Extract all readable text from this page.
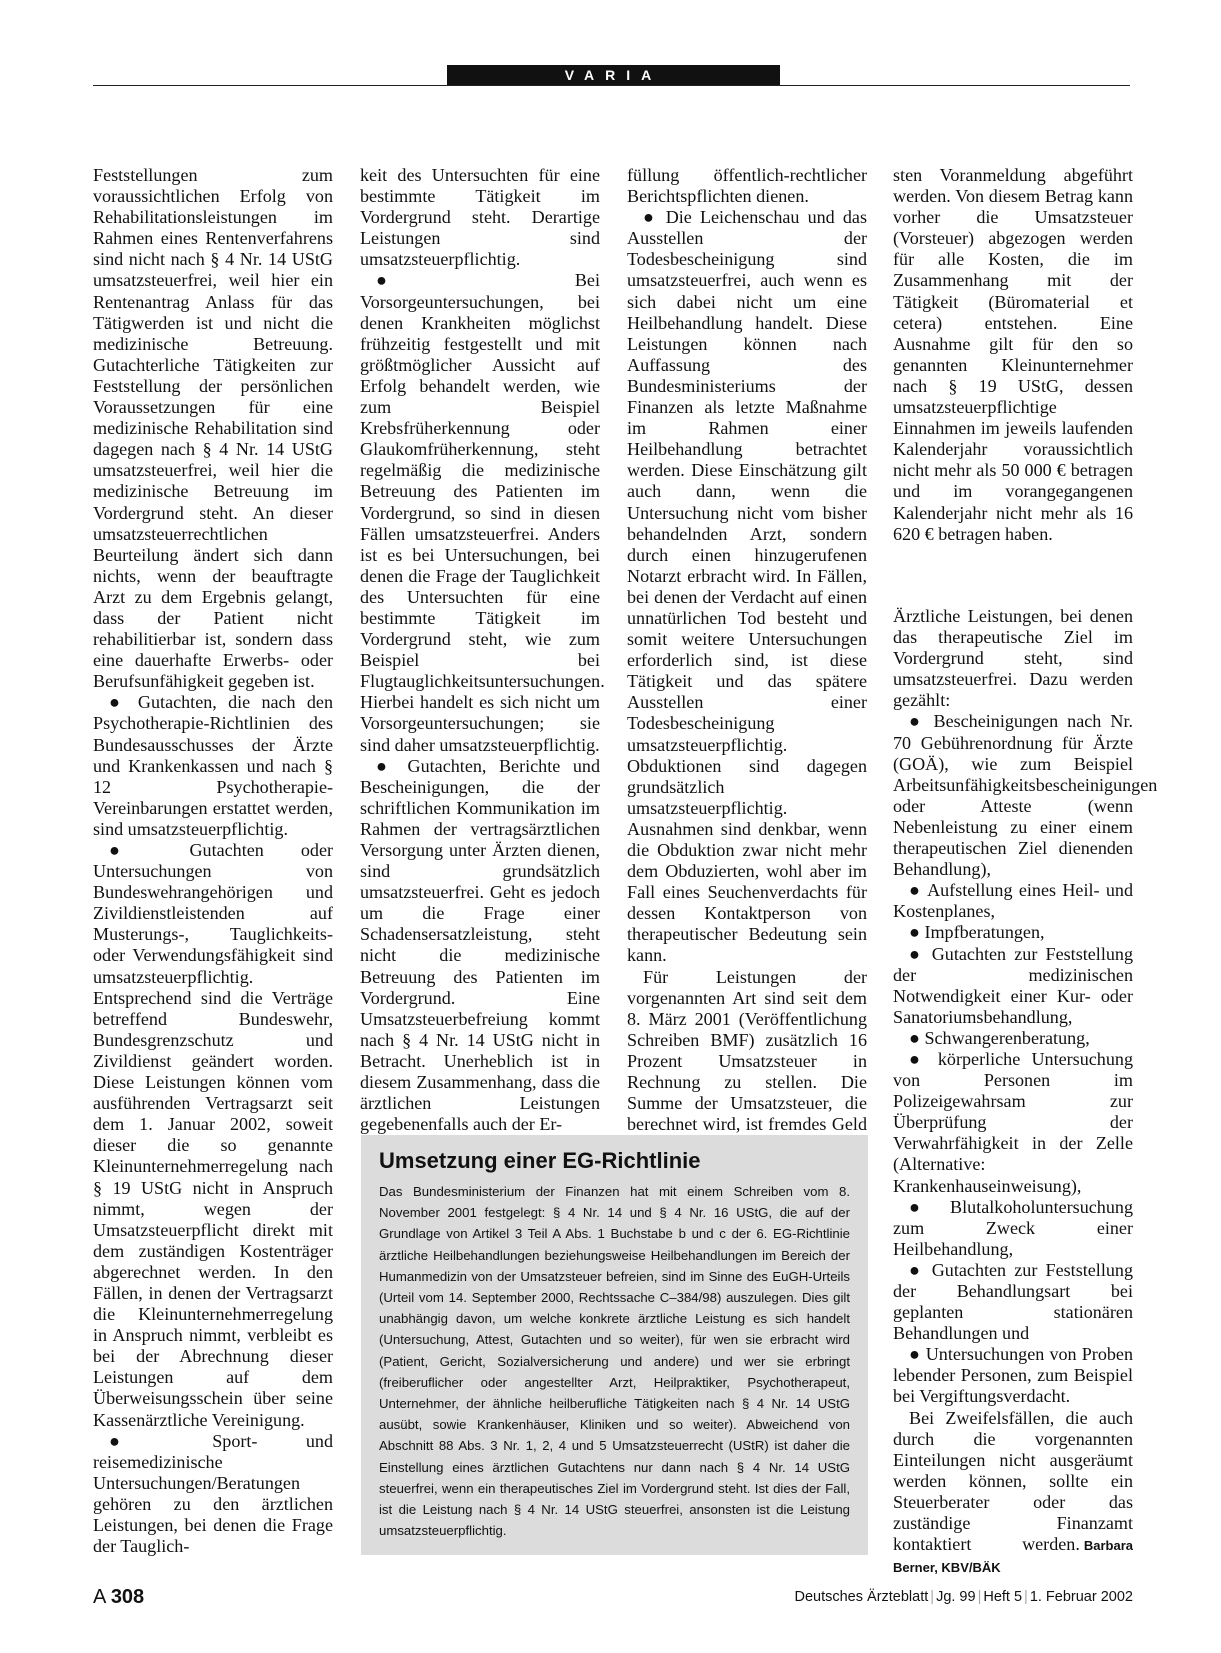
VARIA

Feststellungen zum voraussichtlichen Erfolg von Rehabilitationsleistungen im Rahmen eines Rentenverfahrens sind nicht nach § 4 Nr. 14 UStG umsatzsteuerfrei, weil hier ein Rentenantrag Anlass für das Tätigwerden ist und nicht die medizinische Betreuung. Gutachterliche Tätigkeiten zur Feststellung der persönlichen Voraussetzungen für eine medizinische Rehabilitation sind dagegen nach § 4 Nr. 14 UStG umsatzsteuerfrei, weil hier die medizinische Betreuung im Vordergrund steht. An dieser umsatzsteuerrechtlichen Beurteilung ändert sich dann nichts, wenn der beauftragte Arzt zu dem Ergebnis gelangt, dass der Patient nicht rehabilitierbar ist, sondern dass eine dauerhafte Erwerbs- oder Berufsunfähigkeit gegeben ist.

● Gutachten, die nach den Psychotherapie-Richtlinien des Bundesausschusses der Ärzte und Krankenkassen und nach § 12 Psychotherapie-Vereinbarungen erstattet werden, sind umsatzsteuerpflichtig.

● Gutachten oder Untersuchungen von Bundeswehrangehörigen und Zivildienstleistenden auf Musterungs-, Tauglichkeits- oder Verwendungsfähigkeit sind umsatzsteuerpflichtig. Entsprechend sind die Verträge betreffend Bundeswehr, Bundesgrenzschutz und Zivildienst geändert worden. Diese Leistungen können vom ausführenden Vertragsarzt seit dem 1. Januar 2002, soweit dieser die so genannte Kleinunternehmerregelung nach § 19 UStG nicht in Anspruch nimmt, wegen der Umsatzsteuerpflicht direkt mit dem zuständigen Kostenträger abgerechnet werden. In den Fällen, in denen der Vertragsarzt die Kleinunternehmerregelung in Anspruch nimmt, verbleibt es bei der Abrechnung dieser Leistungen auf dem Überweisungsschein über seine Kassenärztliche Vereinigung.

● Sport- und reisemedizinische Untersuchungen/Beratungen gehören zu den ärztlichen Leistungen, bei denen die Frage der Tauglich-

keit des Untersuchten für eine bestimmte Tätigkeit im Vordergrund steht. Derartige Leistungen sind umsatzsteuerpflichtig.

● Bei Vorsorgeuntersuchungen, bei denen Krankheiten möglichst frühzeitig festgestellt und mit größtmöglicher Aussicht auf Erfolg behandelt werden, wie zum Beispiel Krebsfrüherkennung oder Glaukomfrüherkennung, steht regelmäßig die medizinische Betreuung des Patienten im Vordergrund, so sind in diesen Fällen umsatzsteuerfrei. Anders ist es bei Untersuchungen, bei denen die Frage der Tauglichkeit des Untersuchten für eine bestimmte Tätigkeit im Vordergrund steht, wie zum Beispiel bei Flugtauglichkeitsuntersuchungen. Hierbei handelt es sich nicht um Vorsorgeuntersuchungen; sie sind daher umsatzsteuerpflichtig.

● Gutachten, Berichte und Bescheinigungen, die der schriftlichen Kommunikation im Rahmen der vertragsärztlichen Versorgung unter Ärzten dienen, sind grundsätzlich umsatzsteuerfrei. Geht es jedoch um die Frage einer Schadensersatzleistung, steht nicht die medizinische Betreuung des Patienten im Vordergrund. Eine Umsatzsteuerbefreiung kommt nach § 4 Nr. 14 UStG nicht in Betracht. Unerheblich ist in diesem Zusammenhang, dass die ärztlichen Leistungen gegebenenfalls auch der Er-

füllung öffentlich-rechtlicher Berichtspflichten dienen.

● Die Leichenschau und das Ausstellen der Todesbescheinigung sind umsatzsteuerfrei, auch wenn es sich dabei nicht um eine Heilbehandlung handelt. Diese Leistungen können nach Auffassung des Bundesministeriums der Finanzen als letzte Maßnahme im Rahmen einer Heilbehandlung betrachtet werden. Diese Einschätzung gilt auch dann, wenn die Untersuchung nicht vom bisher behandelnden Arzt, sondern durch einen hinzugerufenen Notarzt erbracht wird. In Fällen, bei denen der Verdacht auf einen unnatürlichen Tod besteht und somit weitere Untersuchungen erforderlich sind, ist diese Tätigkeit und das spätere Ausstellen einer Todesbescheinigung umsatzsteuerpflichtig. Obduktionen sind dagegen grundsätzlich umsatzsteuerpflichtig. Ausnahmen sind denkbar, wenn die Obduktion zwar nicht mehr dem Obduzierten, wohl aber im Fall eines Seuchenverdachts für dessen Kontaktperson von therapeutischer Bedeutung sein kann.

Für Leistungen der vorgenannten Art sind seit dem 8. März 2001 (Veröffentlichung Schreiben BMF) zusätzlich 16 Prozent Umsatzsteuer in Rechnung zu stellen. Die Summe der Umsatzsteuer, die berechnet wird, ist fremdes Geld

sten Voranmeldung abgeführt werden. Von diesem Betrag kann vorher die Umsatzsteuer (Vorsteuer) abgezogen werden für alle Kosten, die im Zusammenhang mit der Tätigkeit (Büromaterial et cetera) entstehen. Eine Ausnahme gilt für den so genannten Kleinunternehmer nach § 19 UStG, dessen umsatzsteuerpflichtige Einnahmen im jeweils laufenden Kalenderjahr voraussichtlich nicht mehr als 50 000 € betragen und im vorangegangenen Kalenderjahr nicht mehr als 16 620 € betragen haben.

Ärztliche Leistungen, bei denen das therapeutische Ziel im Vordergrund steht, sind umsatzsteuerfrei. Dazu werden gezählt:

● Bescheinigungen nach Nr. 70 Gebührenordnung für Ärzte (GOÄ), wie zum Beispiel Arbeitsunfähigkeitsbescheinigungen oder Atteste (wenn Nebenleistung zu einer einem therapeutischen Ziel dienenden Behandlung),

● Aufstellung eines Heil- und Kostenplanes,

● Impfberatungen,

● Gutachten zur Feststellung der medizinischen Notwendigkeit einer Kur- oder Sanatoriumsbehandlung,

● Schwangerenberatung,

● körperliche Untersuchung von Personen im Polizeigewahrsam zur Überprüfung der Verwahrfähigkeit in der Zelle (Alternative: Krankenhauseinweisung),

● Blutalkoholuntersuchung zum Zweck einer Heilbehandlung,

● Gutachten zur Feststellung der Behandlungsart bei geplanten stationären Behandlungen und

● Untersuchungen von Proben lebender Personen, zum Beispiel bei Vergiftungsverdacht.

Bei Zweifelsfällen, die auch durch die vorgenannten Einteilungen nicht ausgeräumt werden können, sollte ein Steuerberater oder das zuständige Finanzamt kontaktiert werden. Barbara Berner, KBV/BÄK

Umsetzung einer EG-Richtlinie
Das Bundesministerium der Finanzen hat mit einem Schreiben vom 8. November 2001 festgelegt: § 4 Nr. 14 und § 4 Nr. 16 UStG, die auf der Grundlage von Artikel 3 Teil A Abs. 1 Buchstabe b und c der 6. EG-Richtlinie ärztliche Heilbehandlungen beziehungsweise Heilbehandlungen im Bereich der Humanmedizin von der Umsatzsteuer befreien, sind im Sinne des EuGH-Urteils (Urteil vom 14. September 2000, Rechtssache C–384/98) auszulegen. Dies gilt unabhängig davon, um welche konkrete ärztliche Leistung es sich handelt (Untersuchung, Attest, Gutachten und so weiter), für wen sie erbracht wird (Patient, Gericht, Sozialversicherung und andere) und wer sie erbringt (freiberuflicher oder angestellter Arzt, Heilpraktiker, Psychotherapeut, Unternehmer, der ähnliche heilberufliche Tätigkeiten nach § 4 Nr. 14 UStG ausübt, sowie Krankenhäuser, Kliniken und so weiter). Abweichend von Abschnitt 88 Abs. 3 Nr. 1, 2, 4 und 5 Umsatzsteuerrecht (UStR) ist daher die Einstellung eines ärztlichen Gutachtens nur dann nach § 4 Nr. 14 UStG steuerfrei, wenn ein therapeutisches Ziel im Vordergrund steht. Ist dies der Fall, ist die Leistung nach § 4 Nr. 14 UStG steuerfrei, ansonsten ist die Leistung umsatzsteuerpflichtig.
A 308	Deutsches Ärzteblatt | Jg. 99 | Heft 5 | 1. Februar 2002
